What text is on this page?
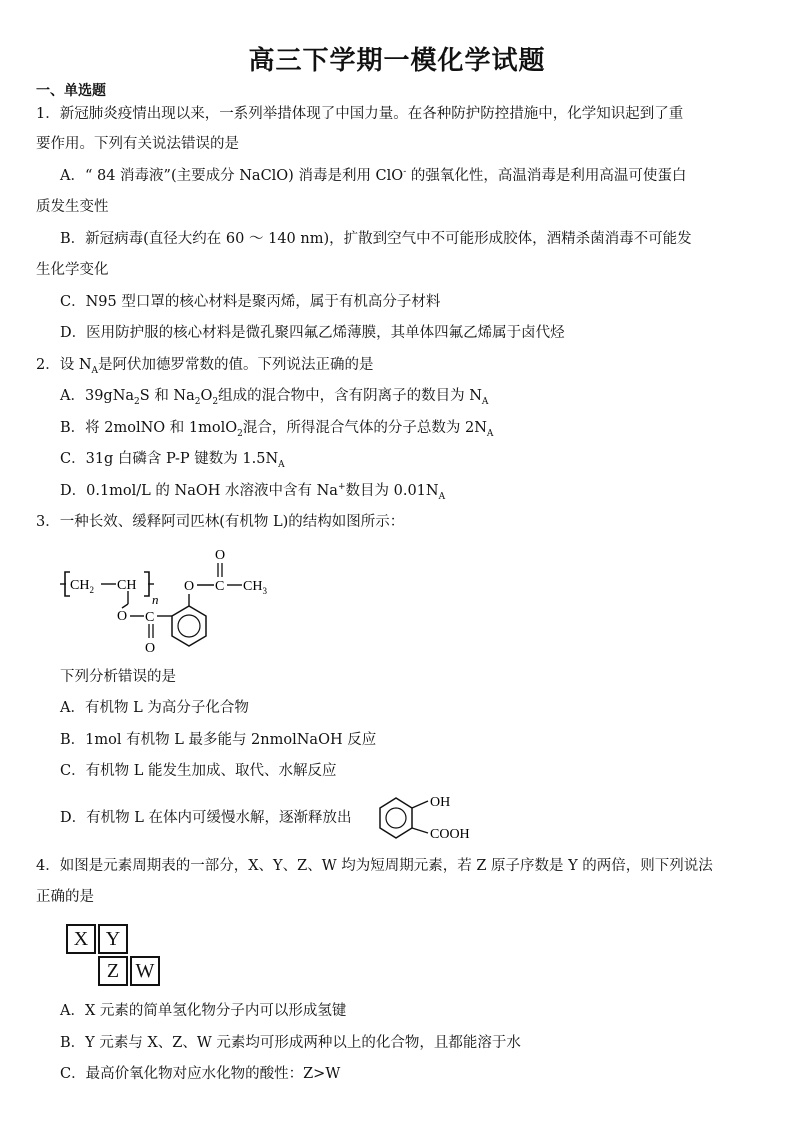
高三下学期一模化学试题
一、单选题
1．新冠肺炎疫情出现以来，一系列举措体现了中国力量。在各种防护防控措施中，化学知识起到了重
要作用。下列有关说法错误的是
A．“ 84 消毒液”(主要成分 NaClO) 消毒是利用 ClO- 的强氧化性，高温消毒是利用高温可使蛋白
质发生变性
B．新冠病毒(直径大约在 60 ～ 140 nm)，扩散到空气中不可能形成胶体，酒精杀菌消毒不可能发
生化学变化
C．N95 型口罩的核心材料是聚丙烯，属于有机高分子材料
D．医用防护服的核心材料是微孔聚四氟乙烯薄膜，其单体四氟乙烯属于卤代烃
2．设 $N_A$是阿伏加德罗常数的值。下列说法正确的是
A．39gNa$_2$S 和 $Na_2O_2$组成的混合物中，含有阴离子的数目为 $N_A$
B．将 2molNO 和 1molO$_2$混合，所得混合气体的分子总数为 $2N_A$
C．31g 白磷含 P-P 键数为 $1.5N_A$
D．0.1mol/L 的 NaOH 水溶液中含有 Na+数目为 $0.01N_A$
3．一种长效、缓释阿司匹林(有机物 L)的结构如图所示：
$CH_2$ CH
n
O C
O
O C
O
$CH_3$
下列分析错误的是
A．有机物 L 为高分子化合物
B．1mol 有机物 L 最多能与 2nmolNaOH 反应
C．有机物 L 能发生加成、取代、水解反应
D．有机物 L 在体内可缓慢水解，逐渐释放出
OH
COOH
4．如图是元素周期表的一部分，X、Y、Z、W 均为短周期元素，若 Z 原子序数是 Y 的两倍，则下列说法
正确的是
X Y
Z W
A．X 元素的简单氢化物分子内可以形成氢键
B．Y 元素与 X、Z、W 元素均可形成两种以上的化合物，且都能溶于水
C．最高价氧化物对应水化物的酸性：Z>W
